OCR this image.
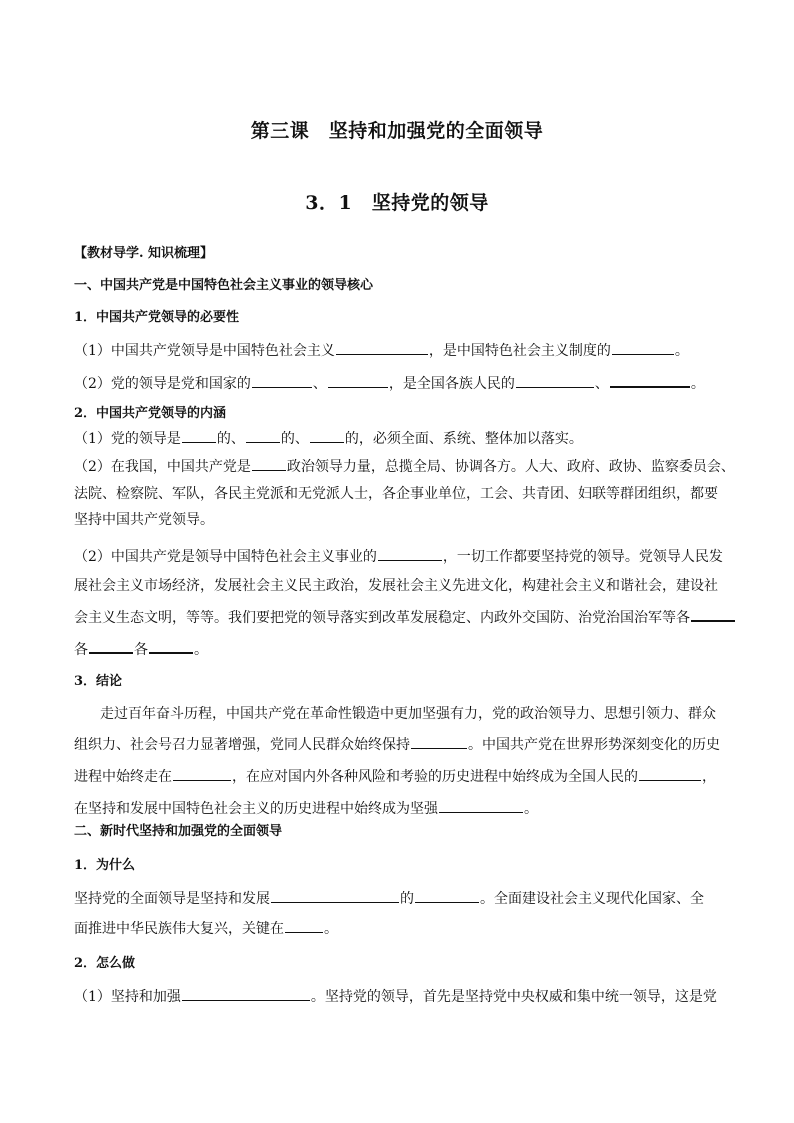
第三课　坚持和加强党的全面领导
3．1　坚持党的领导
【教材导学. 知识梳理】
一、中国共产党是中国特色社会主义事业的领导核心
1．中国共产党领导的必要性
（1）中国共产党领导是中国特色社会主义	，是中国特色社会主义制度的	。
（2）党的领导是党和国家的	、	，是全国各族人民的	、	。
2．中国共产党领导的内涵
（1）党的领导是	的、	的、	的，必须全面、系统、整体加以落实。
（2）在我国，中国共产党是	政治领导力量，总揽全局、协调各方。人大、政府、政协、监察委员会、
法院、检察院、军队，各民主党派和无党派人士，各企事业单位，工会、共青团、妇联等群团组织，都要
坚持中国共产党领导。
（2）中国共产党是领导中国特色社会主义事业的	，一切工作都要坚持党的领导。党领导人民发
展社会主义市场经济，发展社会主义民主政治，发展社会主义先进文化，构建社会主义和谐社会，建设社
会主义生态文明，等等。我们要把党的领导落实到改革发展稳定、内政外交国防、治党治国治军等各
各	各	。
3．结论
走过百年奋斗历程，中国共产党在革命性锻造中更加坚强有力，党的政治领导力、思想引领力、群众
组织力、社会号召力显著增强，党同人民群众始终保持	。中国共产党在世界形势深刻变化的历史
进程中始终走在	，在应对国内外各种风险和考验的历史进程中始终成为全国人民的	，
在坚持和发展中国特色社会主义的历史进程中始终成为坚强	。
二、新时代坚持和加强党的全面领导
1．为什么
坚持党的全面领导是坚持和发展	的	。全面建设社会主义现代化国家、全
面推进中华民族伟大复兴，关键在	。
2．怎么做
（1）坚持和加强	。坚持党的领导，首先是坚持党中央权威和集中统一领导，这是党
